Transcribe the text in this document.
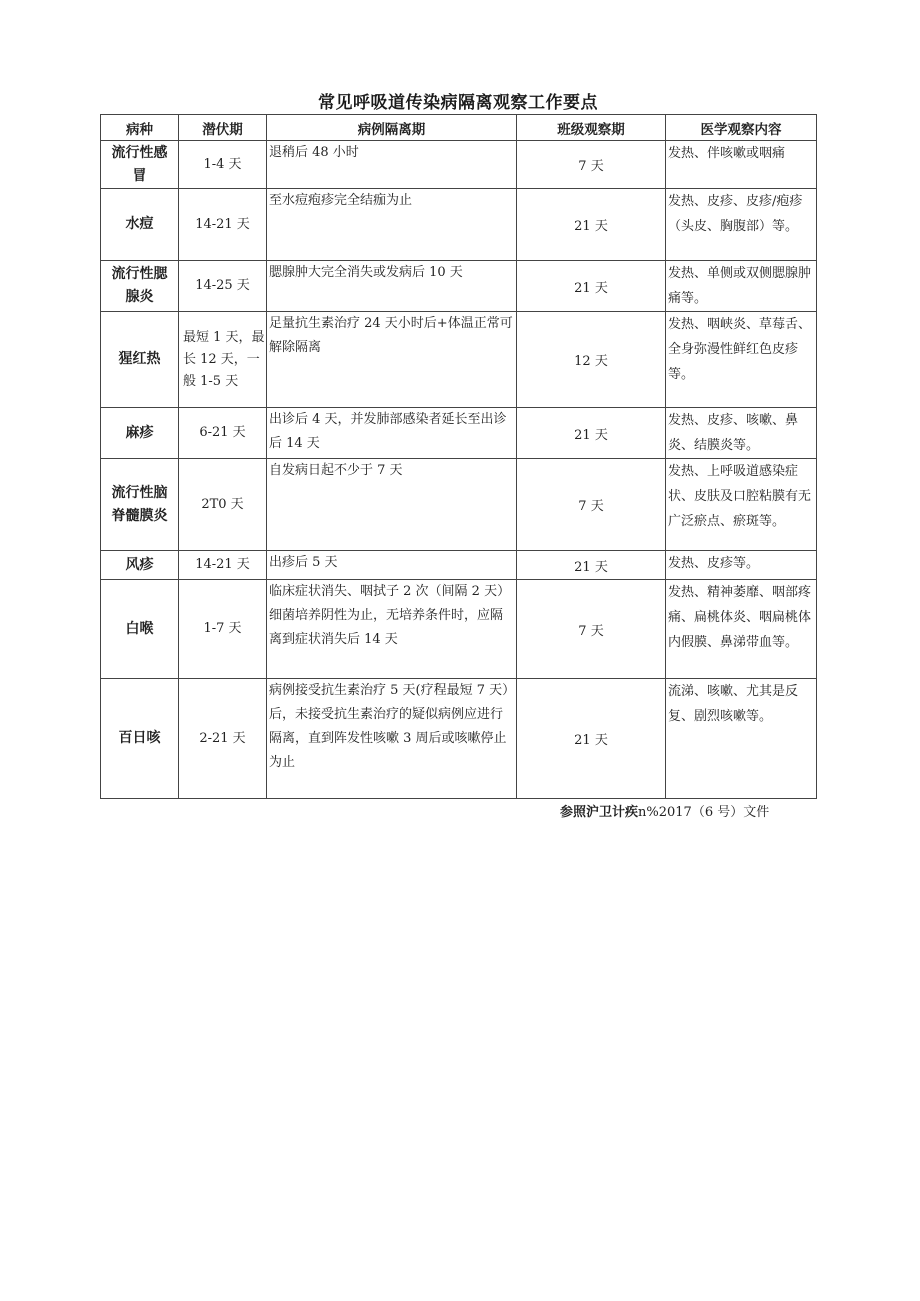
常见呼吸道传染病隔离观察工作要点
病种	潜伏期	病例隔离期	班级观察期	医学观察内容
流行性感冒	1-4 天	退稍后 48 小时	7 天	发热、伴咳嗽或咽痛
水痘	14-21 天	至水痘疱疹完全结痂为止	21 天	发热、皮疹、皮疹/疱疹（头皮、胸腹部）等。
流行性腮腺炎	14-25 天	腮腺肿大完全消失或发病后 10 天	21 天	发热、单侧或双侧腮腺肿痛等。
猩红热	最短 1 天，最长 12 天，一般 1-5 天	足量抗生素治疗 24 天小时后+体温正常可解除隔离	12 天	发热、咽峡炎、草莓舌、全身弥漫性鲜红色皮疹等。
麻疹	6-21 天	出诊后 4 天，并发肺部感染者延长至出诊后 14 天	21 天	发热、皮疹、咳嗽、鼻炎、结膜炎等。
流行性脑脊髓膜炎	2T0 天	自发病日起不少于 7 天	7 天	发热、上呼吸道感染症状、皮肤及口腔粘膜有无广泛瘀点、瘀斑等。
风疹	14-21 天	出疹后 5 天	21 天	发热、皮疹等。
白喉	1-7 天	临床症状消失、咽拭子 2 次（间隔 2 天）细菌培养阴性为止，无培养条件时，应隔离到症状消失后 14 天	7 天	发热、精神萎靡、咽部疼痛、扁桃体炎、咽扁桃体内假膜、鼻涕带血等。
百日咳	2-21 天	病例接受抗生素治疗 5 天(疗程最短 7 天）后，未接受抗生素治疗的疑似病例应进行隔离，直到阵发性咳嗽 3 周后或咳嗽停止为止	21 天	流涕、咳嗽、尤其是反复、剧烈咳嗽等。
参照沪卫计疾n%2017（6 号）文件
